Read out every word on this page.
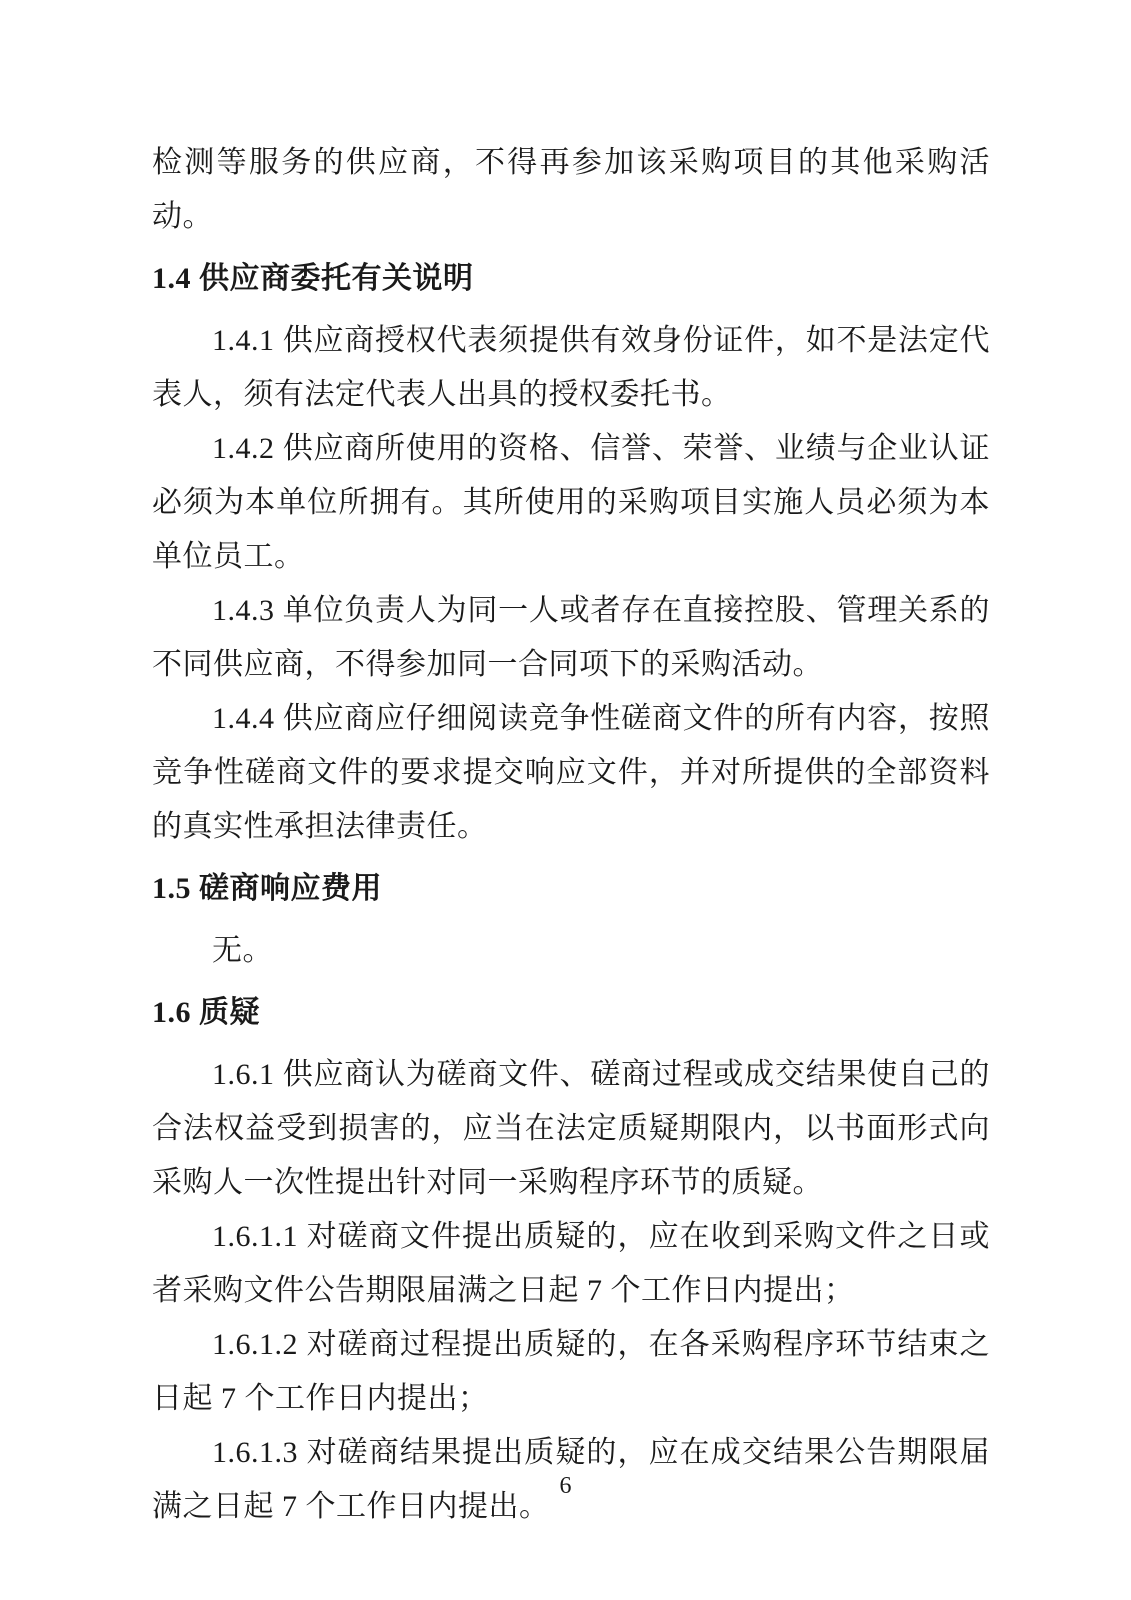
检测等服务的供应商，不得再参加该采购项目的其他采购活动。

1.4 供应商委托有关说明

1.4.1 供应商授权代表须提供有效身份证件，如不是法定代表人，须有法定代表人出具的授权委托书。

1.4.2 供应商所使用的资格、信誉、荣誉、业绩与企业认证必须为本单位所拥有。其所使用的采购项目实施人员必须为本单位员工。

1.4.3 单位负责人为同一人或者存在直接控股、管理关系的不同供应商，不得参加同一合同项下的采购活动。

1.4.4 供应商应仔细阅读竞争性磋商文件的所有内容，按照竞争性磋商文件的要求提交响应文件，并对所提供的全部资料的真实性承担法律责任。

1.5 磋商响应费用

无。

1.6 质疑

1.6.1 供应商认为磋商文件、磋商过程或成交结果使自己的合法权益受到损害的，应当在法定质疑期限内，以书面形式向采购人一次性提出针对同一采购程序环节的质疑。

1.6.1.1 对磋商文件提出质疑的，应在收到采购文件之日或者采购文件公告期限届满之日起 7 个工作日内提出；

1.6.1.2 对磋商过程提出质疑的，在各采购程序环节结束之日起 7 个工作日内提出；

1.6.1.3 对磋商结果提出质疑的，应在成交结果公告期限届满之日起 7 个工作日内提出。

6
